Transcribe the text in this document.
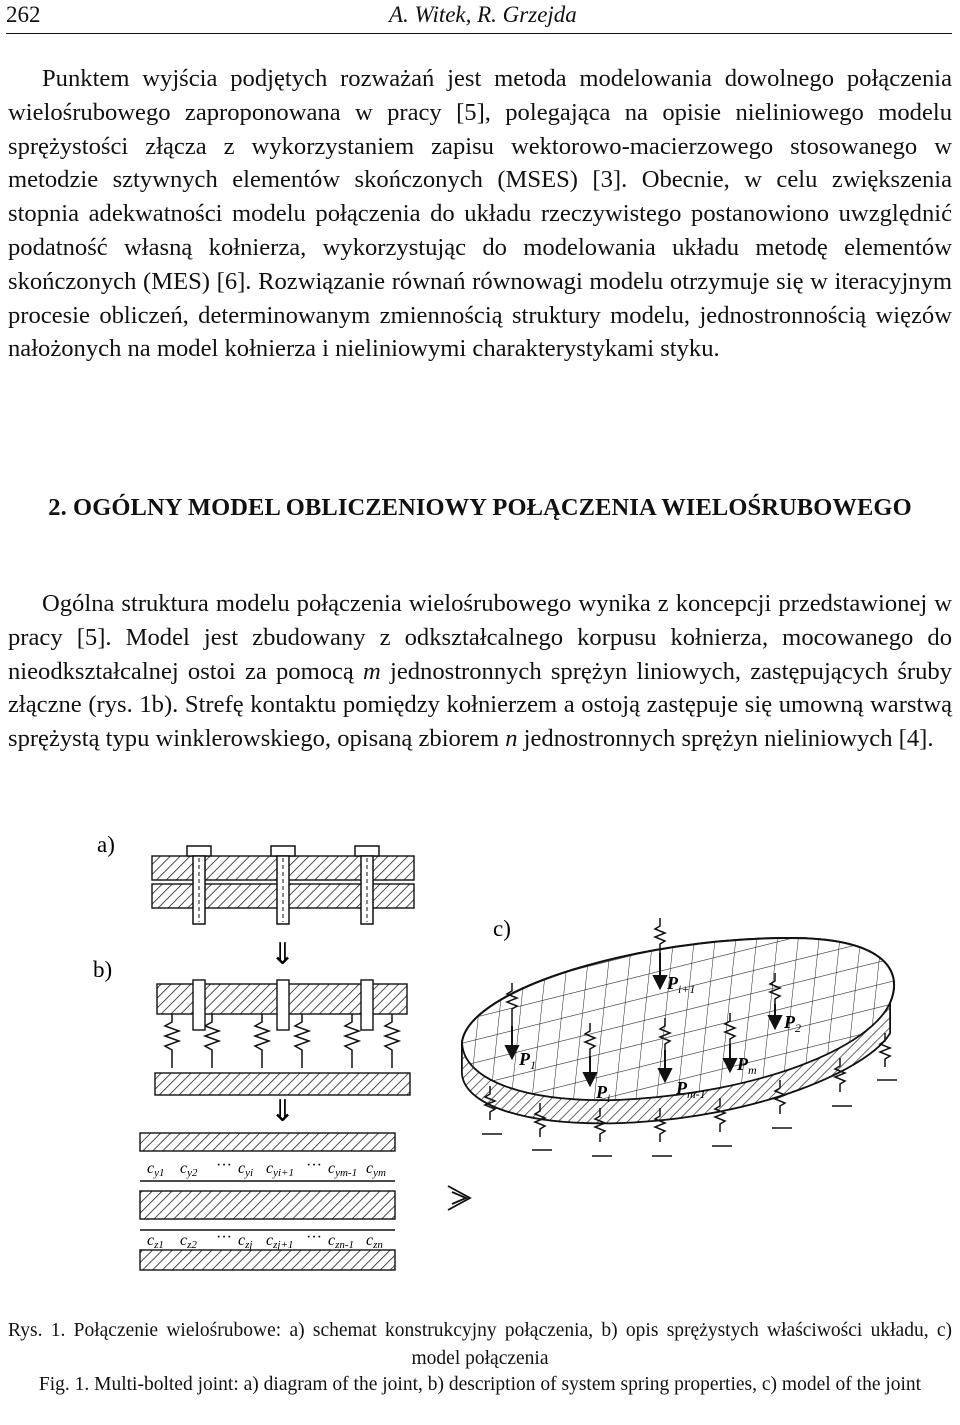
262	A. Witek, R. Grzejda

Punktem wyjścia podjętych rozważań jest metoda modelowania dowolnego połączenia wielośrubowego zaproponowana w pracy [5], polegająca na opisie nieliniowego modelu sprężystości złącza z wykorzystaniem zapisu wektorowo-macierzowego stosowanego w metodzie sztywnych elementów skończonych (MSES) [3]. Obecnie, w celu zwiększenia stopnia adekwatności modelu połączenia do układu rzeczywistego postanowiono uwzględnić podatność własną kołnierza, wykorzystując do modelowania układu metodę elementów skończonych (MES) [6]. Rozwiązanie równań równowagi modelu otrzymuje się w iteracyjnym procesie obliczeń, determinowanym zmiennością struktury modelu, jednostronnością więzów nałożonych na model kołnierza i nieliniowymi charakterystykami styku.

2. OGÓLNY MODEL OBLICZENIOWY POŁĄCZENIA WIELOŚRUBOWEGO

Ogólna struktura modelu połączenia wielośrubowego wynika z koncepcji przedstawionej w pracy [5]. Model jest zbudowany z odkształcalnego korpusu kołnierza, mocowanego do nieodkształcalnej ostoi za pomocą m jednostronnych sprężyn liniowych, zastępujących śruby złączne (rys. 1b). Strefę kontaktu pomiędzy kołnierzem a ostoją zastępuje się umowną warstwą sprężystą typu winklerowskiego, opisaną zbiorem n jednostronnych sprężyn nieliniowych [4].

a)
b)
c)
⇓
⇓
cy1 cy2 ··· cyi cyi+1 ··· cym-1 cym
cz1 cz2 ··· czj czj+1 ··· czn-1 czn
$P_{i+1}$
$P_2$
$P_1$	$P_m$
$P_i$	$P_{m-1}$

Rys. 1. Połączenie wielośrubowe: a) schemat konstrukcyjny połączenia, b) opis sprężystych właściwości układu, c) model połączenia

Fig. 1. Multi-bolted joint: a) diagram of the joint, b) description of system spring properties, c) model of the joint
